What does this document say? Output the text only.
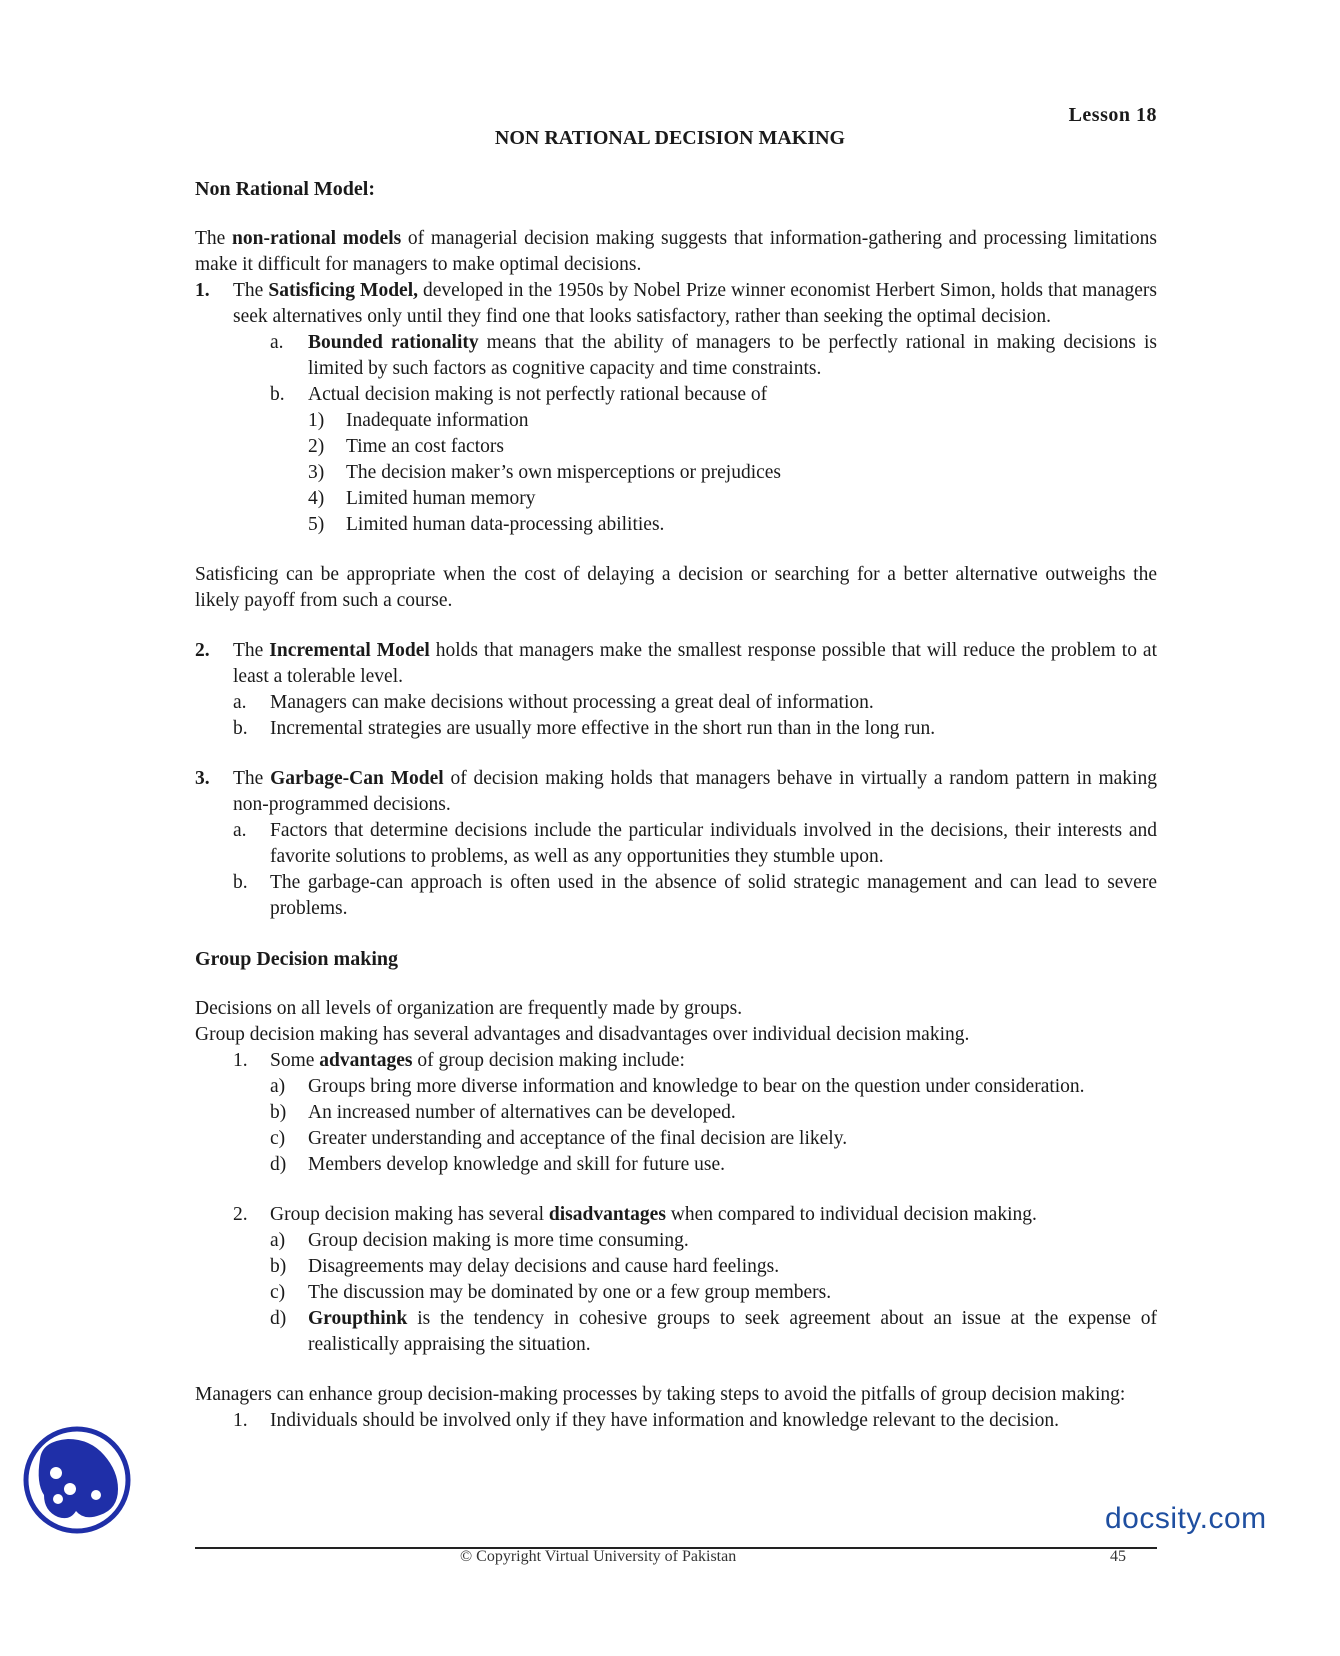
Lesson 18
NON RATIONAL DECISION MAKING
Non Rational Model:

The non-rational models of managerial decision making suggests that information-gathering and processing limitations make it difficult for managers to make optimal decisions.

1.	The Satisficing Model, developed in the 1950s by Nobel Prize winner economist Herbert Simon, holds that managers seek alternatives only until they find one that looks satisfactory, rather than seeking the optimal decision.
a.	Bounded rationality means that the ability of managers to be perfectly rational in making decisions is limited by such factors as cognitive capacity and time constraints.
b.	Actual decision making is not perfectly rational because of
1)	Inadequate information
2)	Time an cost factors
3)	The decision maker’s own misperceptions or prejudices
4)	Limited human memory
5)	Limited human data-processing abilities.

Satisficing can be appropriate when the cost of delaying a decision or searching for a better alternative outweighs the likely payoff from such a course.

2.	The Incremental Model holds that managers make the smallest response possible that will reduce the problem to at least a tolerable level.
a.	Managers can make decisions without processing a great deal of information.
b.	Incremental strategies are usually more effective in the short run than in the long run.
3.	The Garbage-Can Model of decision making holds that managers behave in virtually a random pattern in making non-programmed decisions.
a.	Factors that determine decisions include the particular individuals involved in the decisions, their interests and favorite solutions to problems, as well as any opportunities they stumble upon.
b.	The garbage-can approach is often used in the absence of solid strategic management and can lead to severe problems.
Group Decision making

Decisions on all levels of organization are frequently made by groups.

Group decision making has several advantages and disadvantages over individual decision making.

1.	Some advantages of group decision making include:
a)	Groups bring more diverse information and knowledge to bear on the question under consideration.
b)	An increased number of alternatives can be developed.
c)	Greater understanding and acceptance of the final decision are likely.
d)	Members develop knowledge and skill for future use.
2.	Group decision making has several disadvantages when compared to individual decision making.
a)	Group decision making is more time consuming.
b)	Disagreements may delay decisions and cause hard feelings.
c)	The discussion may be dominated by one or a few group members.
d)	Groupthink is the tendency in cohesive groups to seek agreement about an issue at the expense of realistically appraising the situation.

Managers can enhance group decision-making processes by taking steps to avoid the pitfalls of group decision making:

1.	Individuals should be involved only if they have information and knowledge relevant to the decision.
© Copyright Virtual University of Pakistan	45
docsity.com
